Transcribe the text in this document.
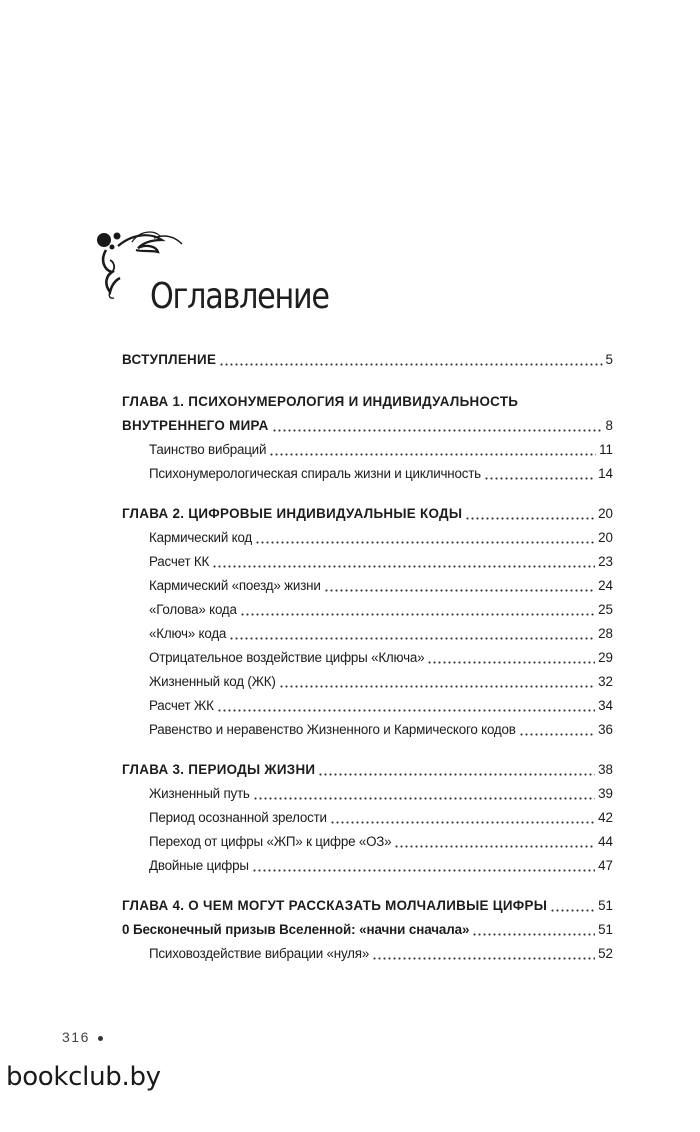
Оглавление
ВСТУПЛЕНИЕ	5
ГЛАВА 1. ПСИХОНУМЕРОЛОГИЯ И ИНДИВИДУАЛЬНОСТЬ
ВНУТРЕННЕГО МИРА	8
Таинство вибраций	11
Психонумерологическая спираль жизни и цикличность	14
ГЛАВА 2. ЦИФРОВЫЕ ИНДИВИДУАЛЬНЫЕ КОДЫ	20
Кармический код	20
Расчет КК	23
Кармический «поезд» жизни	24
«Голова» кода	25
«Ключ» кода	28
Отрицательное воздействие цифры «Ключа»	29
Жизненный код (ЖК)	32
Расчет ЖК	34
Равенство и неравенство Жизненного и Кармического кодов	36
ГЛАВА 3. ПЕРИОДЫ ЖИЗНИ	38
Жизненный путь	39
Период осознанной зрелости	42
Переход от цифры «ЖП» к цифре «ОЗ»	44
Двойные цифры	47
ГЛАВА 4. О ЧЕМ МОГУТ РАССКАЗАТЬ МОЛЧАЛИВЫЕ ЦИФРЫ	51
0 Бесконечный призыв Вселенной: «начни сначала»	51
Психовоздействие вибрации «нуля»	52
316
bookclub.by
